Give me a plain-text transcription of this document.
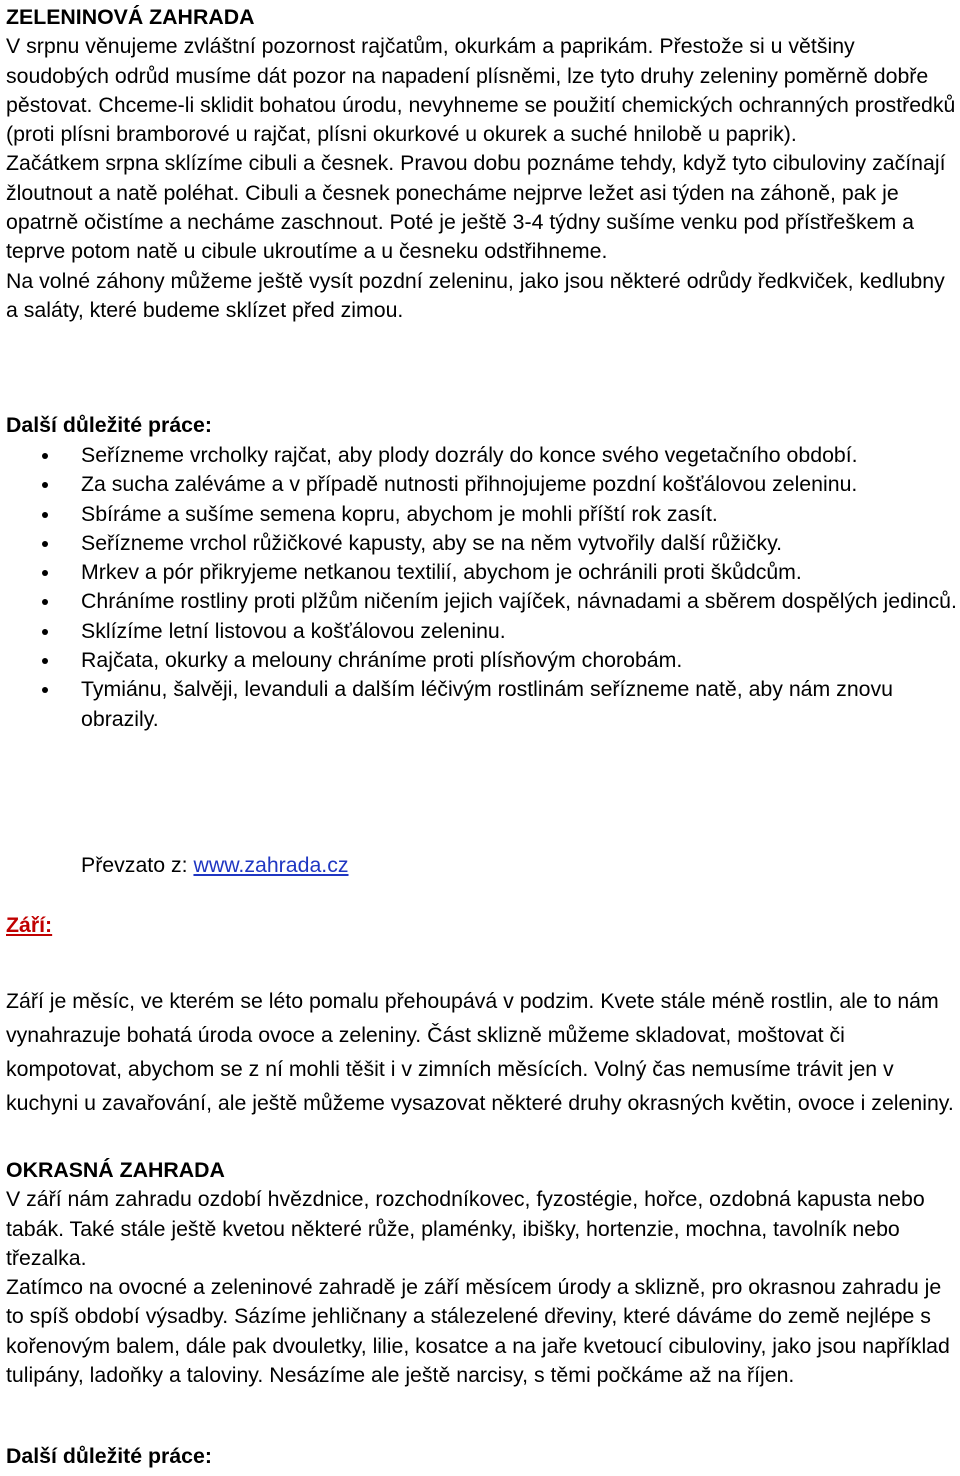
ZELENINOVÁ ZAHRADA

V srpnu věnujeme zvláštní pozornost rajčatům, okurkám a paprikám. Přestože si u většiny soudobých odrůd musíme dát pozor na napadení plísněmi, lze tyto druhy zeleniny poměrně dobře pěstovat. Chceme-li sklidit bohatou úrodu, nevyhneme se použití chemických ochranných prostředků (proti plísni bramborové u rajčat, plísni okurkové u okurek a suché hnilobě u paprik).

Začátkem srpna sklízíme cibuli a česnek. Pravou dobu poznáme tehdy, když tyto cibuloviny začínají žloutnout a natě poléhat. Cibuli a česnek ponecháme nejprve ležet asi týden na záhoně, pak je opatrně očistíme a necháme zaschnout. Poté je ještě 3-4 týdny sušíme venku pod přístřeškem a teprve potom natě u cibule ukroutíme a u česneku odstřihneme.

Na volné záhony můžeme ještě vysít pozdní zeleninu, jako jsou některé odrůdy ředkviček, kedlubny a saláty, které budeme sklízet před zimou.

Další důležité práce:
Seřízneme vrcholky rajčat, aby plody dozrály do konce svého vegetačního období.
Za sucha zaléváme a v případě nutnosti přihnojujeme pozdní košťálovou zeleninu.
Sbíráme a sušíme semena kopru, abychom je mohli příští rok zasít.
Seřízneme vrchol růžičkové kapusty, aby se na něm vytvořily další růžičky.
Mrkev a pór přikryjeme netkanou textilií, abychom je ochránili proti škůdcům.
Chráníme rostliny proti plžům ničením jejich vajíček, návnadami a sběrem dospělých jedinců.
Sklízíme letní listovou a košťálovou zeleninu.
Rajčata, okurky a melouny chráníme proti plísňovým chorobám.
Tymiánu, šalvěji, levanduli a dalším léčivým rostlinám seřízneme natě, aby nám znovu obrazily.
Převzato z: www.zahrada.cz
Září:

Září je měsíc, ve kterém se léto pomalu přehoupává v podzim. Kvete stále méně rostlin, ale to nám vynahrazuje bohatá úroda ovoce a zeleniny. Část sklizně můžeme skladovat, moštovat či kompotovat, abychom se z ní mohli těšit i v zimních měsících. Volný čas nemusíme trávit jen v kuchyni u zavařování, ale ještě můžeme vysazovat některé druhy okrasných květin, ovoce i zeleniny.

OKRASNÁ ZAHRADA

V září nám zahradu ozdobí hvězdnice, rozchodníkovec, fyzostégie, hořce, ozdobná kapusta nebo tabák. Také stále ještě kvetou některé růže, plaménky, ibišky, hortenzie, mochna, tavolník nebo třezalka.

Zatímco na ovocné a zeleninové zahradě je září měsícem úrody a sklizně, pro okrasnou zahradu je to spíš období výsadby. Sázíme jehličnany a stálezelené dřeviny, které dáváme do země nejlépe s kořenovým balem, dále pak dvouletky, lilie, kosatce a na jaře kvetoucí cibuloviny, jako jsou například tulipány, ladoňky a taloviny. Nesázíme ale ještě narcisy, s těmi počkáme až na říjen.

Další důležité práce:
